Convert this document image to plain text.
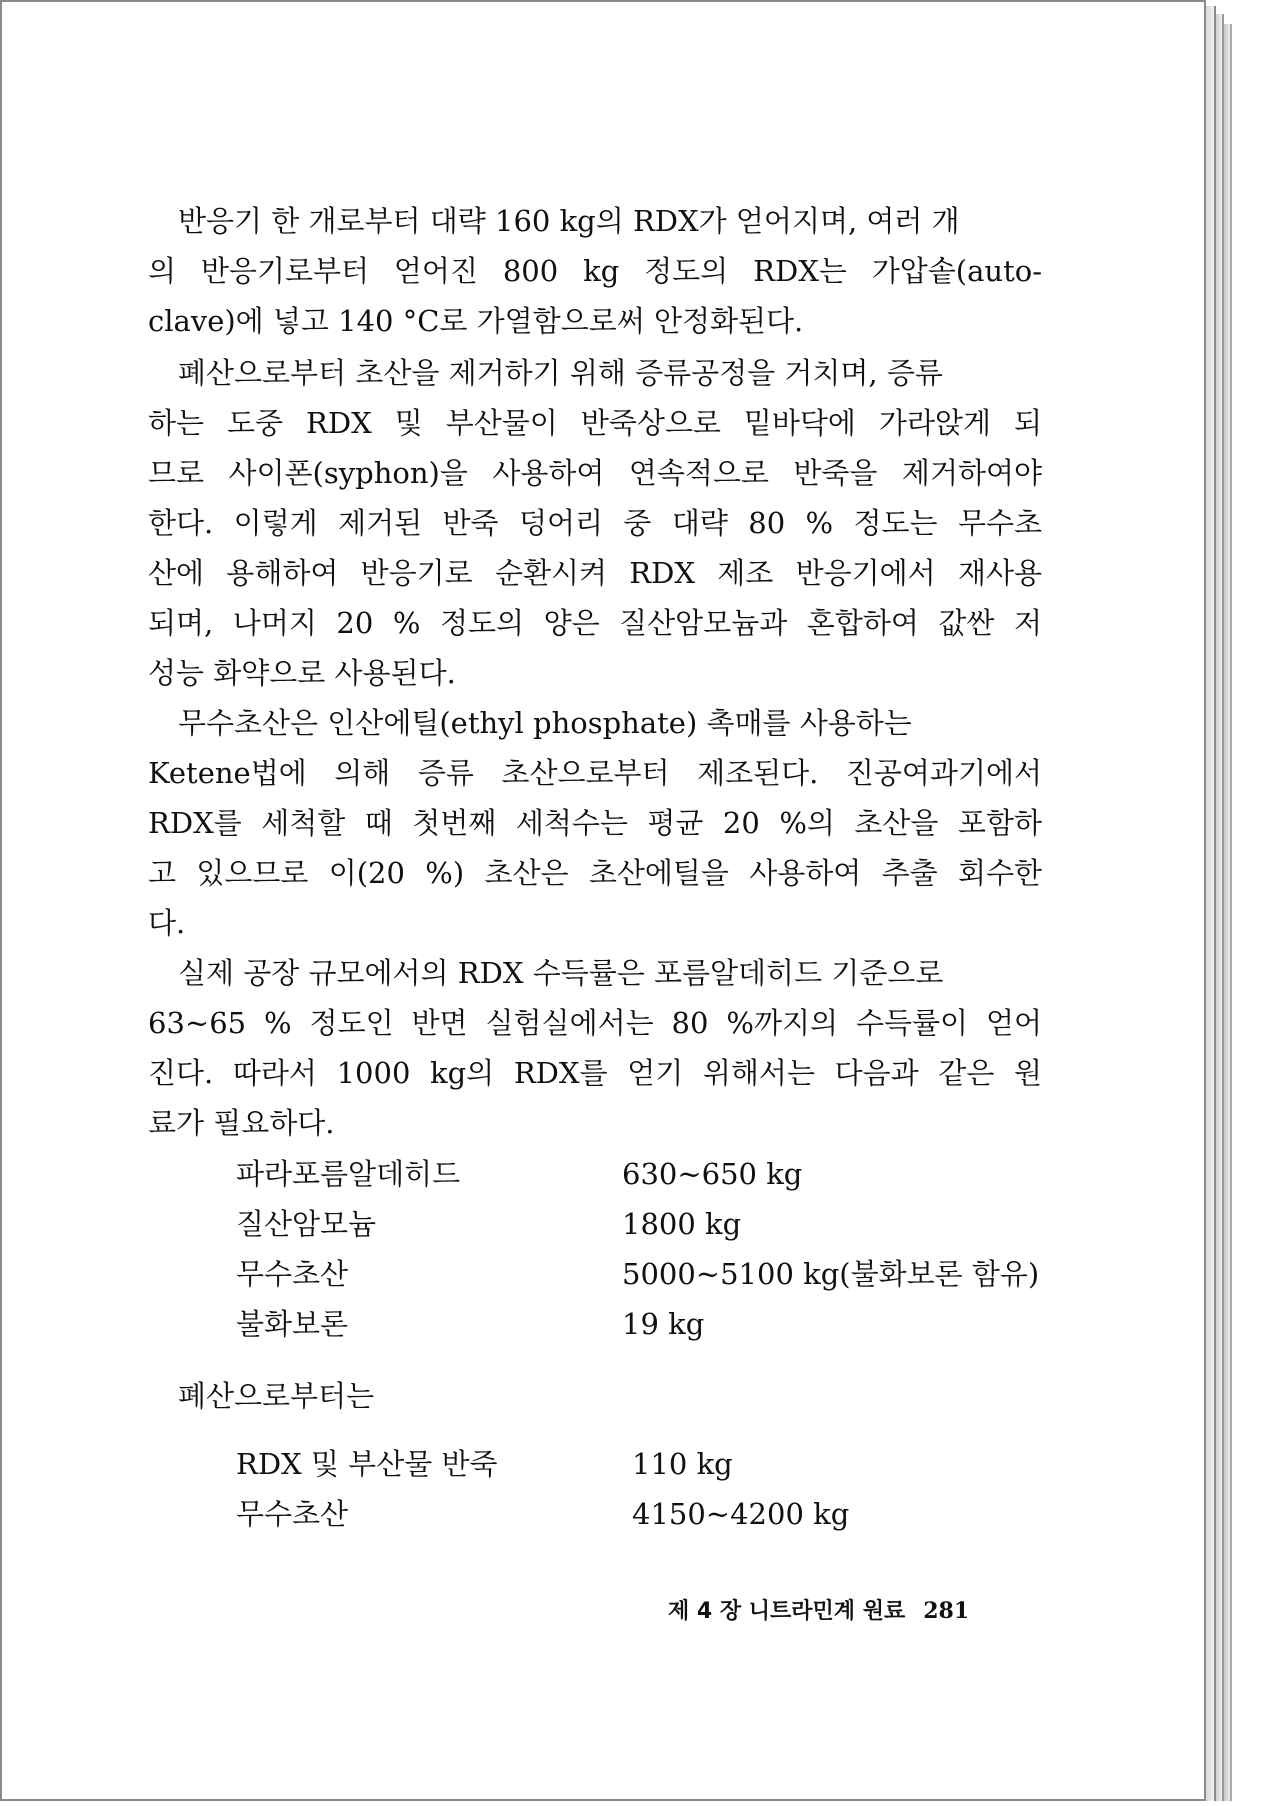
반응기 한 개로부터 대략 160 kg의 RDX가 얻어지며, 여러 개
의 반응기로부터 얻어진 800 kg 정도의 RDX는 가압솥(auto-
clave)에 넣고 140 °C로 가열함으로써 안정화된다.
폐산으로부터 초산을 제거하기 위해 증류공정을 거치며, 증류
하는 도중 RDX 및 부산물이 반죽상으로 밑바닥에 가라앉게 되
므로 사이폰(syphon)을 사용하여 연속적으로 반죽을 제거하여야
한다. 이렇게 제거된 반죽 덩어리 중 대략 80 % 정도는 무수초
산에 용해하여 반응기로 순환시켜 RDX 제조 반응기에서 재사용
되며, 나머지 20 % 정도의 양은 질산암모늄과 혼합하여 값싼 저
성능 화약으로 사용된다.
무수초산은 인산에틸(ethyl phosphate) 촉매를 사용하는
Ketene법에 의해 증류 초산으로부터 제조된다. 진공여과기에서
RDX를 세척할 때 첫번째 세척수는 평균 20 %의 초산을 포함하
고 있으므로 이(20 %) 초산은 초산에틸을 사용하여 추출 회수한
다.
실제 공장 규모에서의 RDX 수득률은 포름알데히드 기준으로
63~65 % 정도인 반면 실험실에서는 80 %까지의 수득률이 얻어
진다. 따라서 1000 kg의 RDX를 얻기 위해서는 다음과 같은 원
료가 필요하다.
파라포름알데히드	630~650 kg
질산암모늄	1800 kg
무수초산	5000~5100 kg(불화보론 함유)
불화보론	19 kg
폐산으로부터는
RDX 및 부산물 반죽	110 kg
무수초산	4150~4200 kg
제 4 장 니트라민계 원료 281
